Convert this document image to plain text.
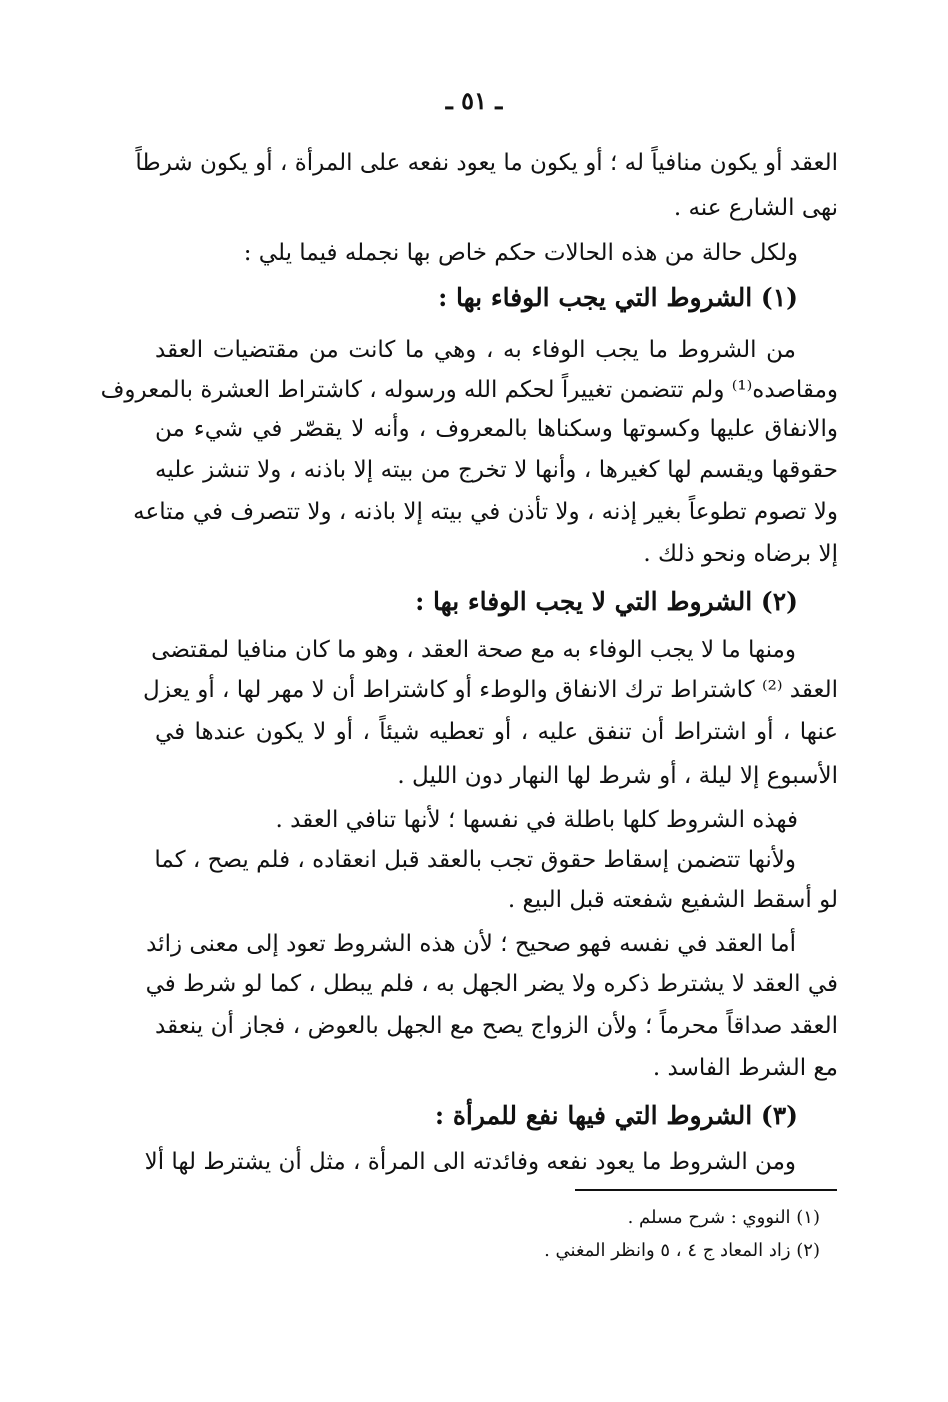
ـ ٥١ ـ
العقد أو يكون منافياً له ؛ أو يكون ما يعود نفعه على المرأة ، أو يكون شرطاً
نهى الشارع عنه .
ولكل حالة من هذه الحالات حكم خاص بها نجمله فيما يلي :
(١) الشروط التي يجب الوفاء بها :
من الشروط ما يجب الوفاء به ، وهي ما كانت من مقتضيات العقد
ومقاصده⁽¹⁾ ولم تتضمن تغييراً لحكم الله ورسوله ، كاشتراط العشرة بالمعروف
والانفاق عليها وكسوتها وسكناها بالمعروف ، وأنه لا يقصّر في شيء من
حقوقها ويقسم لها كغيرها ، وأنها لا تخرج من بيته إلا باذنه ، ولا تنشز عليه
ولا تصوم تطوعاً بغير إذنه ، ولا تأذن في بيته إلا باذنه ، ولا تتصرف في متاعه
إلا برضاه ونحو ذلك .
(٢) الشروط التي لا يجب الوفاء بها :
ومنها ما لا يجب الوفاء به مع صحة العقد ، وهو ما كان منافيا لمقتضى
العقد ⁽²⁾ كاشتراط ترك الانفاق والوطء أو كاشتراط أن لا مهر لها ، أو يعزل
عنها ، أو اشتراط أن تنفق عليه ، أو تعطيه شيئاً ، أو لا يكون عندها في
الأسبوع إلا ليلة ، أو شرط لها النهار دون الليل .
فهذه الشروط كلها باطلة في نفسها ؛ لأنها تنافي العقد .
ولأنها تتضمن إسقاط حقوق تجب بالعقد قبل انعقاده ، فلم يصح ، كما
لو أسقط الشفيع شفعته قبل البيع .
أما العقد في نفسه فهو صحيح ؛ لأن هذه الشروط تعود إلى معنى زائد
في العقد لا يشترط ذكره ولا يضر الجهل به ، فلم يبطل ، كما لو شرط في
العقد صداقاً محرماً ؛ ولأن الزواج يصح مع الجهل بالعوض ، فجاز أن ينعقد
مع الشرط الفاسد .
(٣) الشروط التي فيها نفع للمرأة :
ومن الشروط ما يعود نفعه وفائدته الى المرأة ، مثل أن يشترط لها ألا
(١) النووي : شرح مسلم .
(٢) زاد المعاد ج ٤ ، ٥ وانظر المغني .
